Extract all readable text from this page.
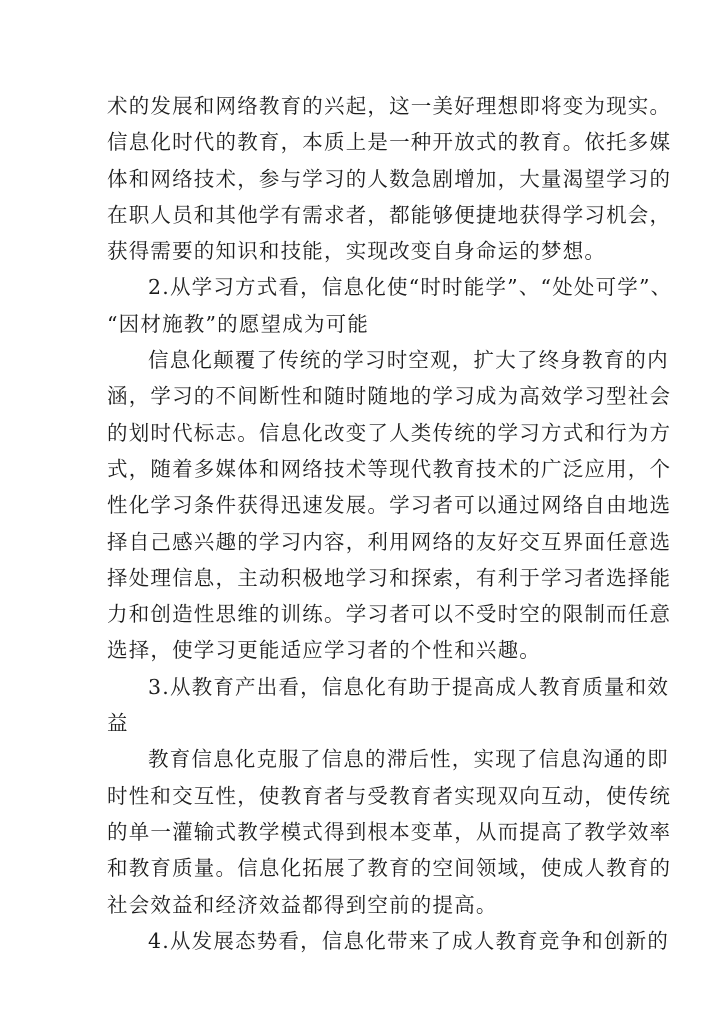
术的发展和网络教育的兴起，这一美好理想即将变为现实。
信息化时代的教育，本质上是一种开放式的教育。依托多媒
体和网络技术，参与学习的人数急剧增加，大量渴望学习的
在职人员和其他学有需求者，都能够便捷地获得学习机会，
获得需要的知识和技能，实现改变自身命运的梦想。
2.从学习方式看，信息化使“时时能学”、“处处可学”、
“因材施教”的愿望成为可能
信息化颠覆了传统的学习时空观，扩大了终身教育的内
涵，学习的不间断性和随时随地的学习成为高效学习型社会
的划时代标志。信息化改变了人类传统的学习方式和行为方
式，随着多媒体和网络技术等现代教育技术的广泛应用，个
性化学习条件获得迅速发展。学习者可以通过网络自由地选
择自己感兴趣的学习内容，利用网络的友好交互界面任意选
择处理信息，主动积极地学习和探索，有利于学习者选择能
力和创造性思维的训练。学习者可以不受时空的限制而任意
选择，使学习更能适应学习者的个性和兴趣。
3.从教育产出看，信息化有助于提高成人教育质量和效
益
教育信息化克服了信息的滞后性，实现了信息沟通的即
时性和交互性，使教育者与受教育者实现双向互动，使传统
的单一灌输式教学模式得到根本变革，从而提高了教学效率
和教育质量。信息化拓展了教育的空间领域，使成人教育的
社会效益和经济效益都得到空前的提高。
4.从发展态势看，信息化带来了成人教育竞争和创新的
